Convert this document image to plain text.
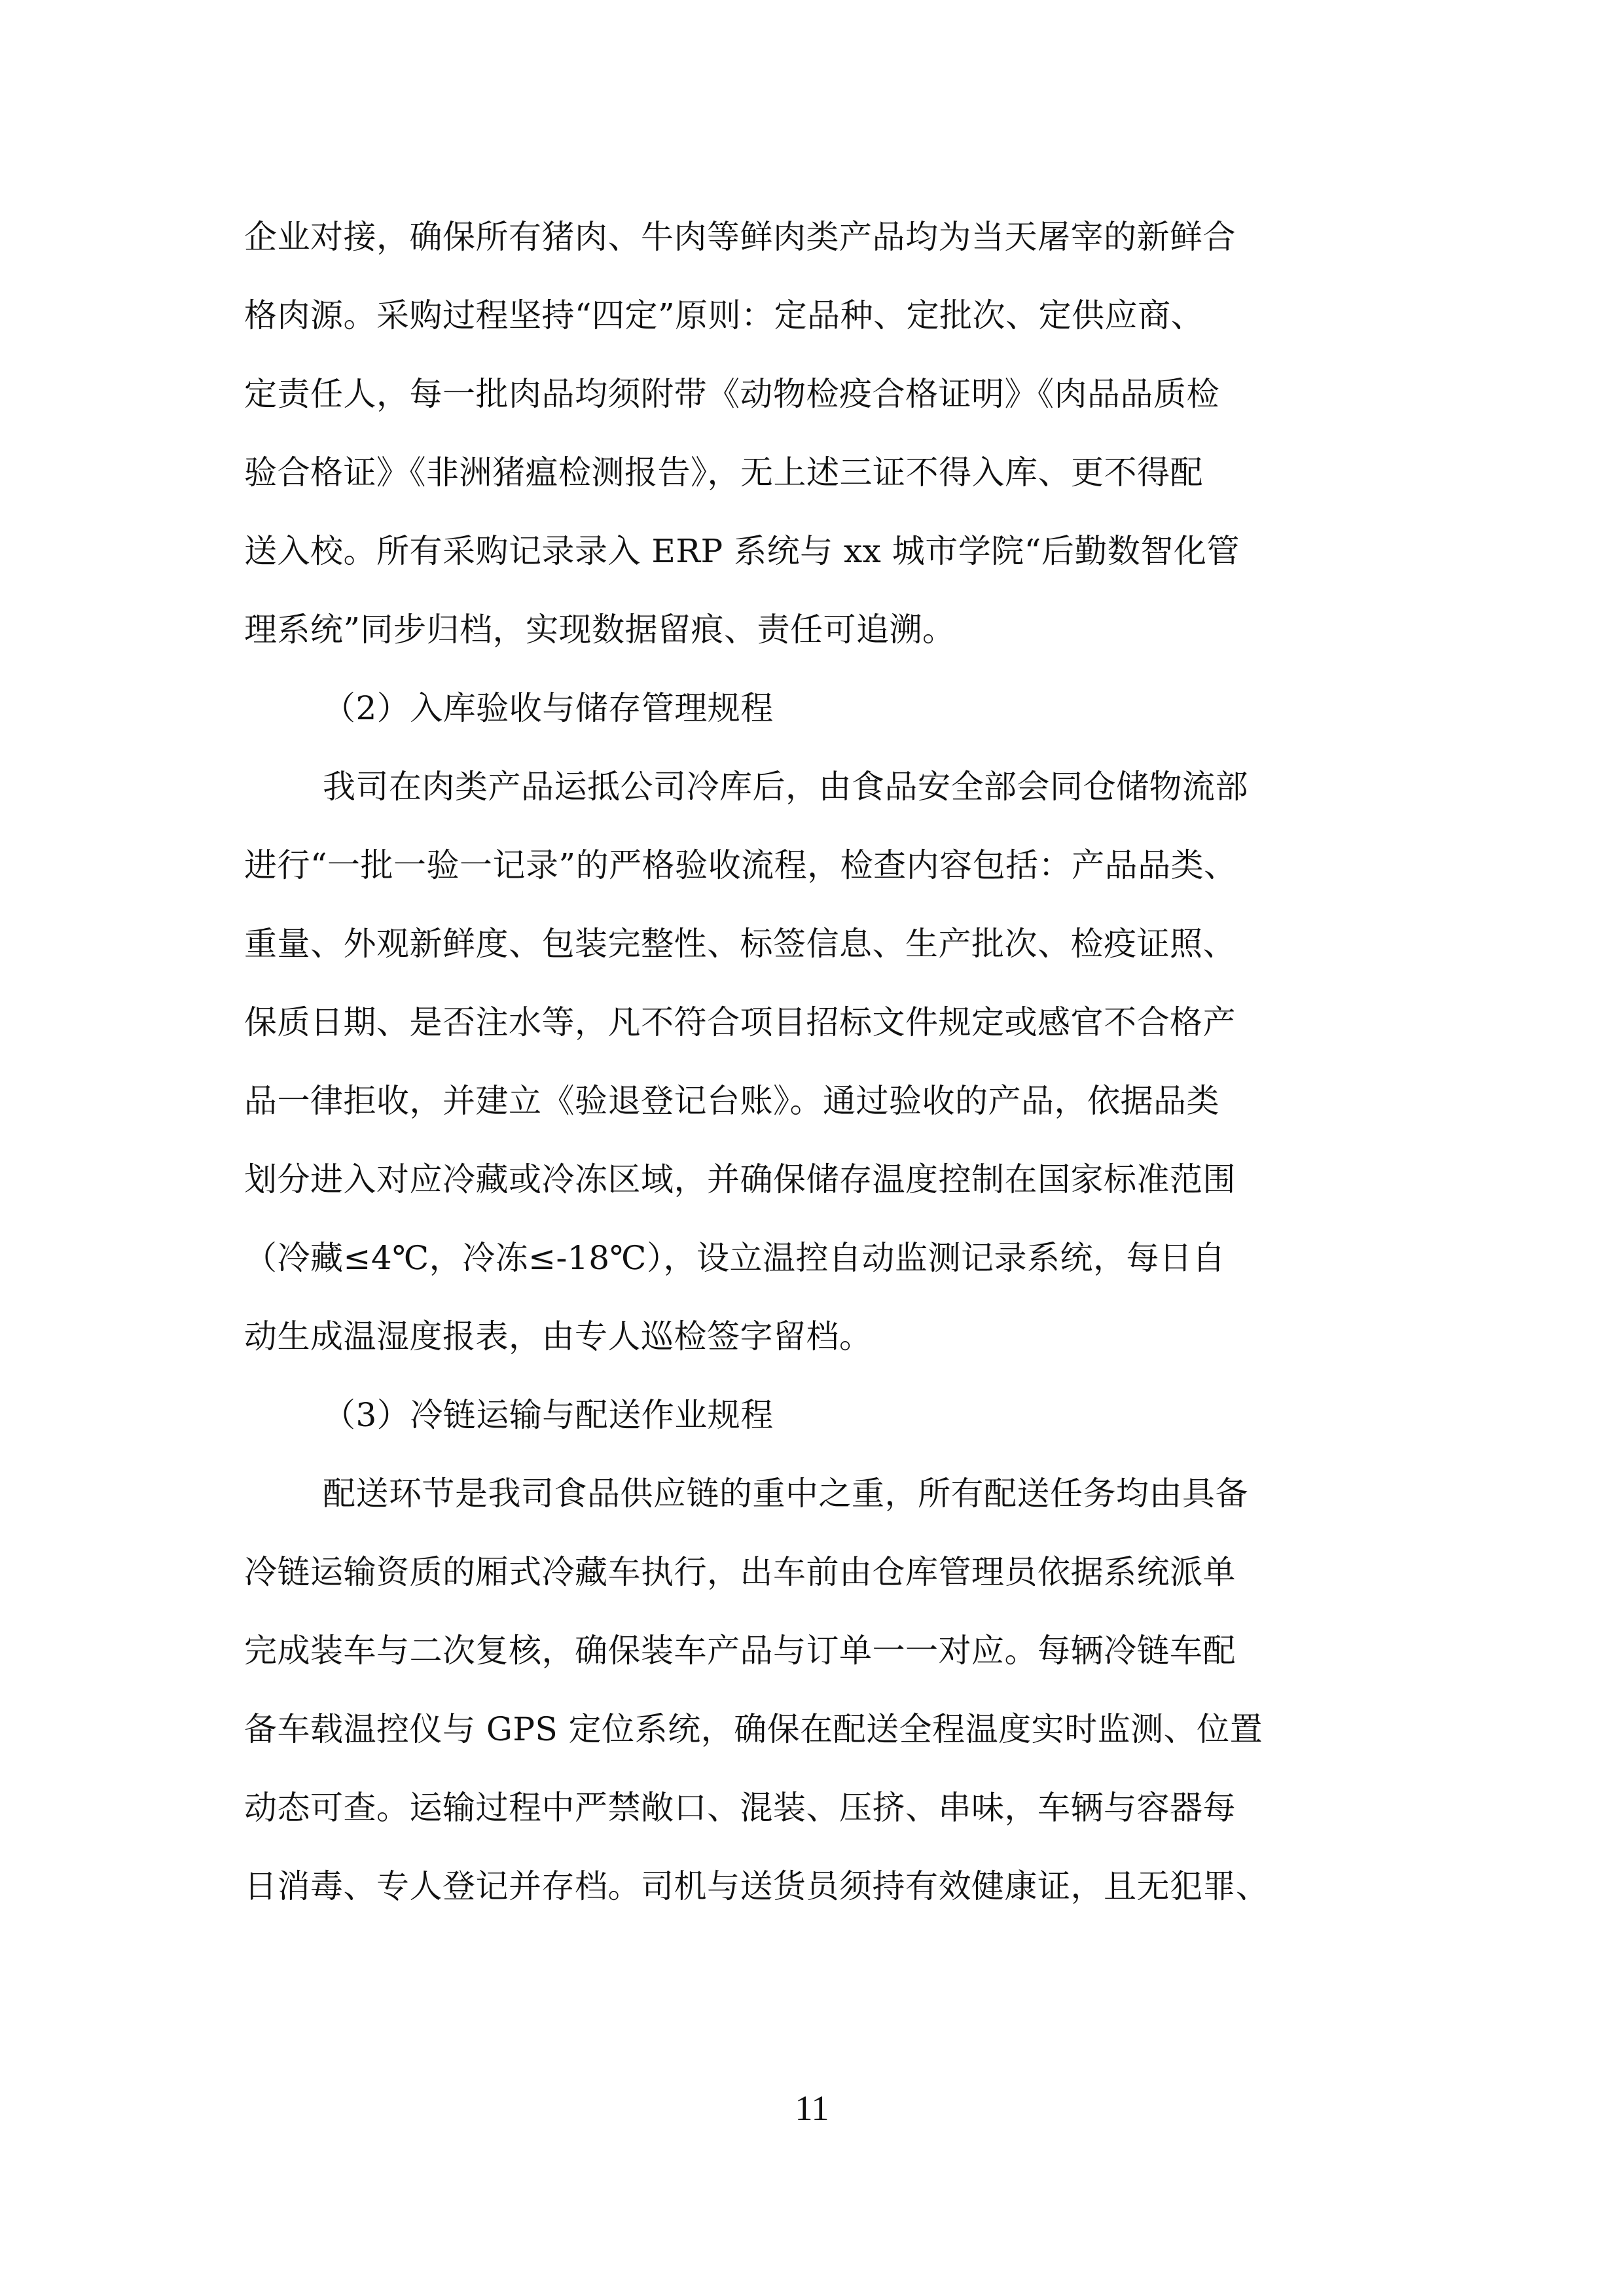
企业对接，确保所有猪肉、牛肉等鲜肉类产品均为当天屠宰的新鲜合
格肉源。采购过程坚持“四定”原则：定品种、定批次、定供应商、
定责任人，每一批肉品均须附带《动物检疫合格证明》《肉品品质检
验合格证》《非洲猪瘟检测报告》，无上述三证不得入库、更不得配
送入校。所有采购记录录入 ERP 系统与 xx 城市学院“后勤数智化管
理系统”同步归档，实现数据留痕、责任可追溯。
（2）入库验收与储存管理规程
我司在肉类产品运抵公司冷库后，由食品安全部会同仓储物流部
进行“一批一验一记录”的严格验收流程，检查内容包括：产品品类、
重量、外观新鲜度、包装完整性、标签信息、生产批次、检疫证照、
保质日期、是否注水等，凡不符合项目招标文件规定或感官不合格产
品一律拒收，并建立《验退登记台账》。通过验收的产品，依据品类
划分进入对应冷藏或冷冻区域，并确保储存温度控制在国家标准范围
（冷藏≤4℃，冷冻≤-18℃），设立温控自动监测记录系统，每日自
动生成温湿度报表，由专人巡检签字留档。
（3）冷链运输与配送作业规程
配送环节是我司食品供应链的重中之重，所有配送任务均由具备
冷链运输资质的厢式冷藏车执行，出车前由仓库管理员依据系统派单
完成装车与二次复核，确保装车产品与订单一一对应。每辆冷链车配
备车载温控仪与 GPS 定位系统，确保在配送全程温度实时监测、位置
动态可查。运输过程中严禁敞口、混装、压挤、串味，车辆与容器每
日消毒、专人登记并存档。司机与送货员须持有效健康证，且无犯罪、
11
